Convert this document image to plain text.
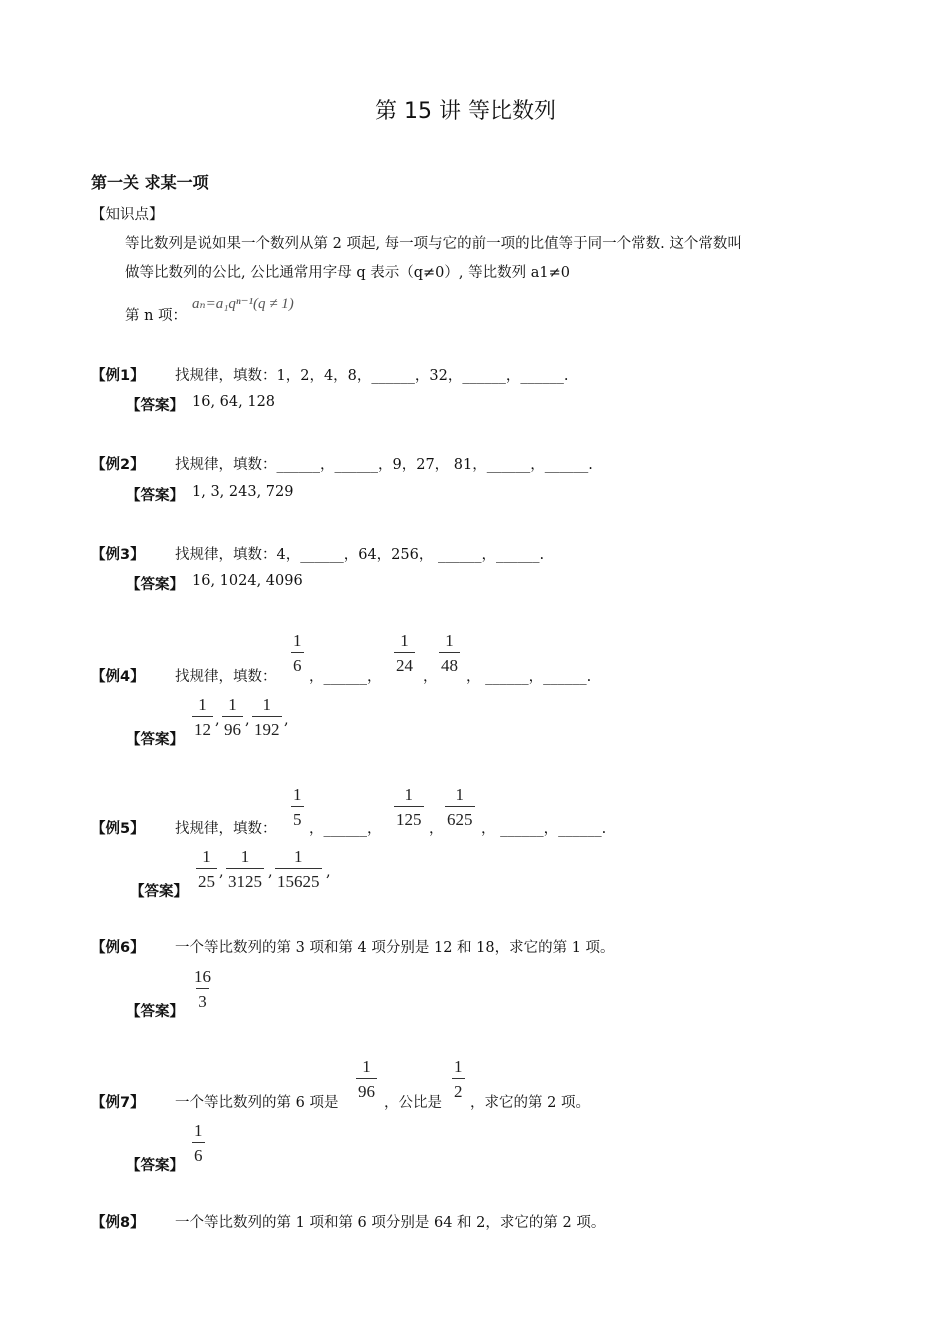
第 15 讲 等比数列
第一关 求某一项
【知识点】
等比数列是说如果一个数列从第 2 项起, 每一项与它的前一项的比值等于同一个常数. 这个常数叫
做等比数列的公比, 公比通常用字母 q 表示（q≠0）, 等比数列 a1≠0
第 n 项：
aₙ=a₁qⁿ⁻¹(q ≠ 1)
【例1】 找规律，填数：1，2，4，8，______，32，______，______.
【答案】 16, 64, 128
【例2】 找规律，填数：______，______，9，27， 81，______，______.
【答案】 1, 3, 243, 729
【例3】 找规律，填数：4，______，64，256， ______，______.
【答案】 16, 1024, 4096
【例4】 找规律，填数：
$\frac{1}{6}$
，______，
$\frac{1}{24}$
，
$\frac{1}{48}$
， ______，______.
【答案】
$\frac{1}{12}$ , $\frac{1}{96}$ , $\frac{1}{192}$ ,
【例5】 找规律，填数：
$\frac{1}{5}$
，______，
$\frac{1}{125}$
，
$\frac{1}{625}$
， ______，______.
【答案】
$\frac{1}{25}$ , $\frac{1}{3125}$ , $\frac{1}{15625}$ ,
【例6】 一个等比数列的第 3 项和第 4 项分别是 12 和 18，求它的第 1 项。
【答案】
$\frac{16}{3}$
【例7】 一个等比数列的第 6 项是
$\frac{1}{96}$
，公比是
$\frac{1}{2}$
，求它的第 2 项。
【答案】
$\frac{1}{6}$
【例8】 一个等比数列的第 1 项和第 6 项分别是 64 和 2，求它的第 2 项。
